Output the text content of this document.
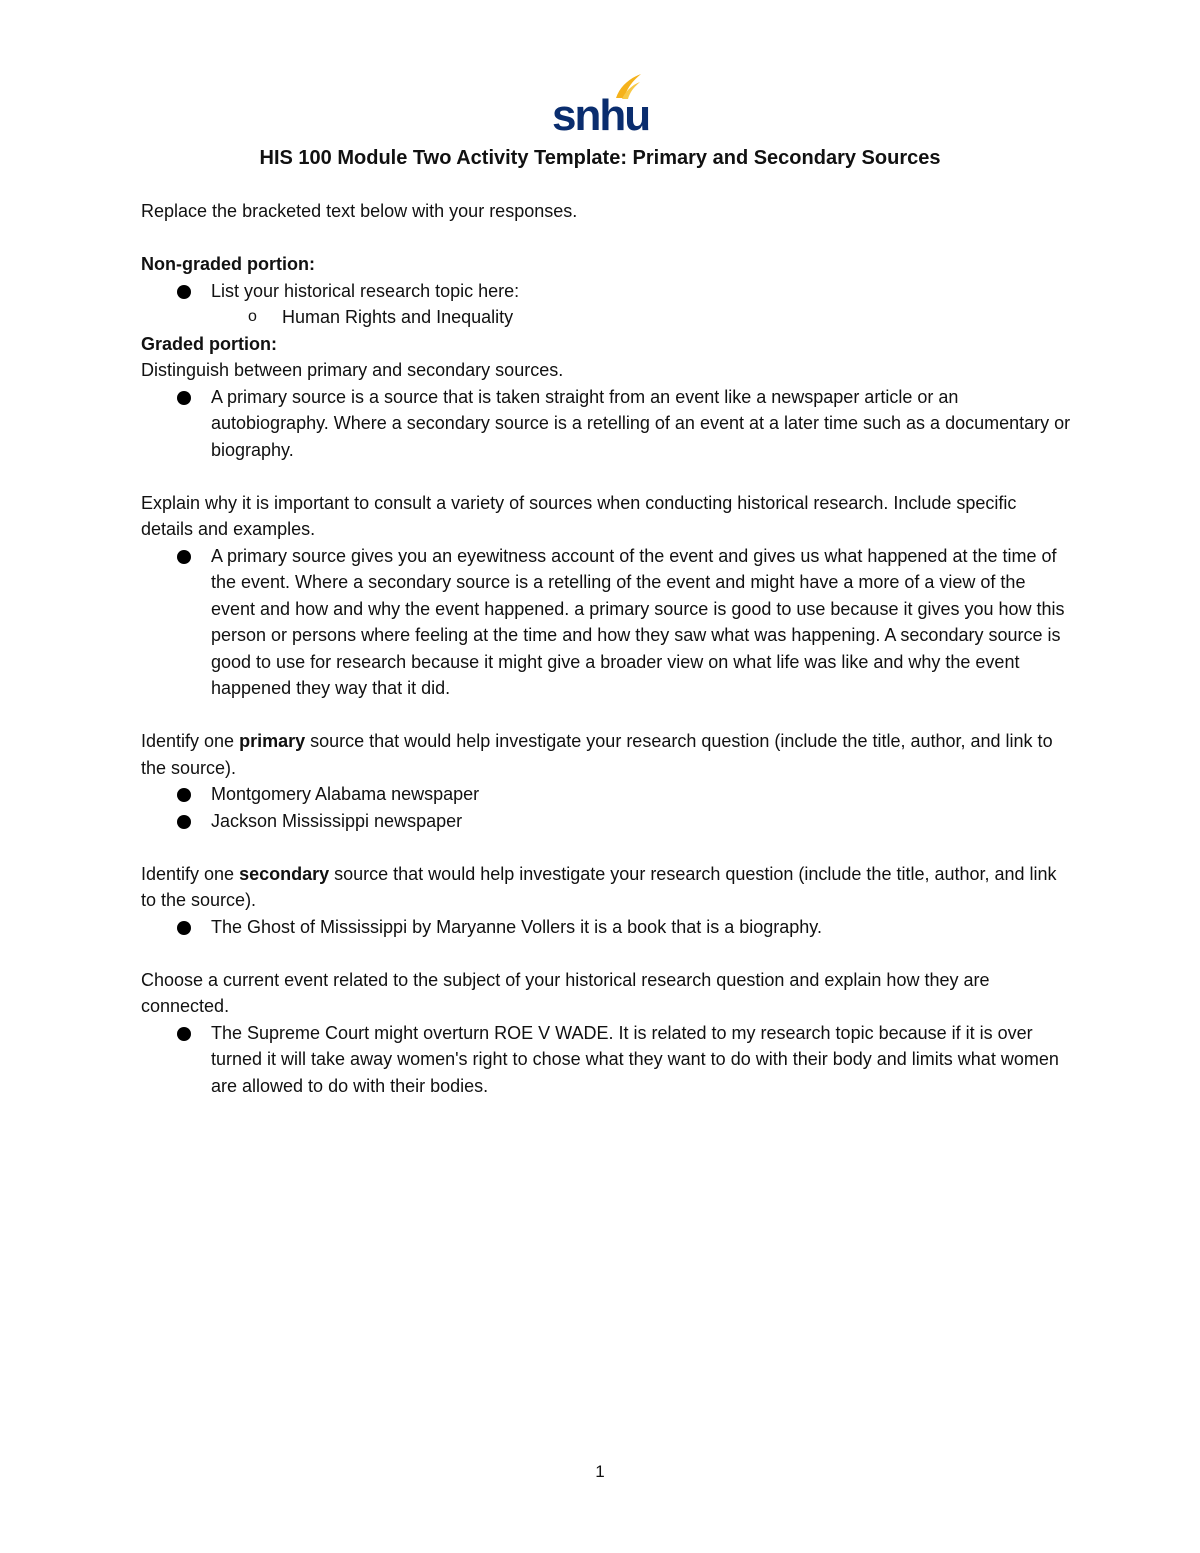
snhu
HIS 100 Module Two Activity Template: Primary and Secondary Sources

Replace the bracketed text below with your responses.

Non-graded portion:

List your historical research topic here:
o Human Rights and Inequality

Graded portion:

Distinguish between primary and secondary sources.

A primary source is a source that is taken straight from an event like a newspaper article or an autobiography. Where a secondary source is a retelling of an event at a later time such as a documentary or biography.

Explain why it is important to consult a variety of sources when conducting historical research. Include specific details and examples.

A primary source gives you an eyewitness account of the event and gives us what happened at the time of the event. Where a secondary source is a retelling of the event and might have a more of a view of the event and how and why the event happened. a primary source is good to use because it gives you how this person or persons where feeling at the time and how they saw what was happening. A secondary source is good to use for research because it might give a broader view on what life was like and why the event happened they way that it did.

Identify one primary source that would help investigate your research question (include the title, author, and link to the source).

Montgomery Alabama newspaper
Jackson Mississippi newspaper

Identify one secondary source that would help investigate your research question (include the title, author, and link to the source).

The Ghost of Mississippi by Maryanne Vollers it is a book that is a biography.

Choose a current event related to the subject of your historical research question and explain how they are connected.

The Supreme Court might overturn ROE V WADE. It is related to my research topic because if it is over turned it will take away women's right to chose what they want to do with their body and limits what women are allowed to do with their bodies.
1
